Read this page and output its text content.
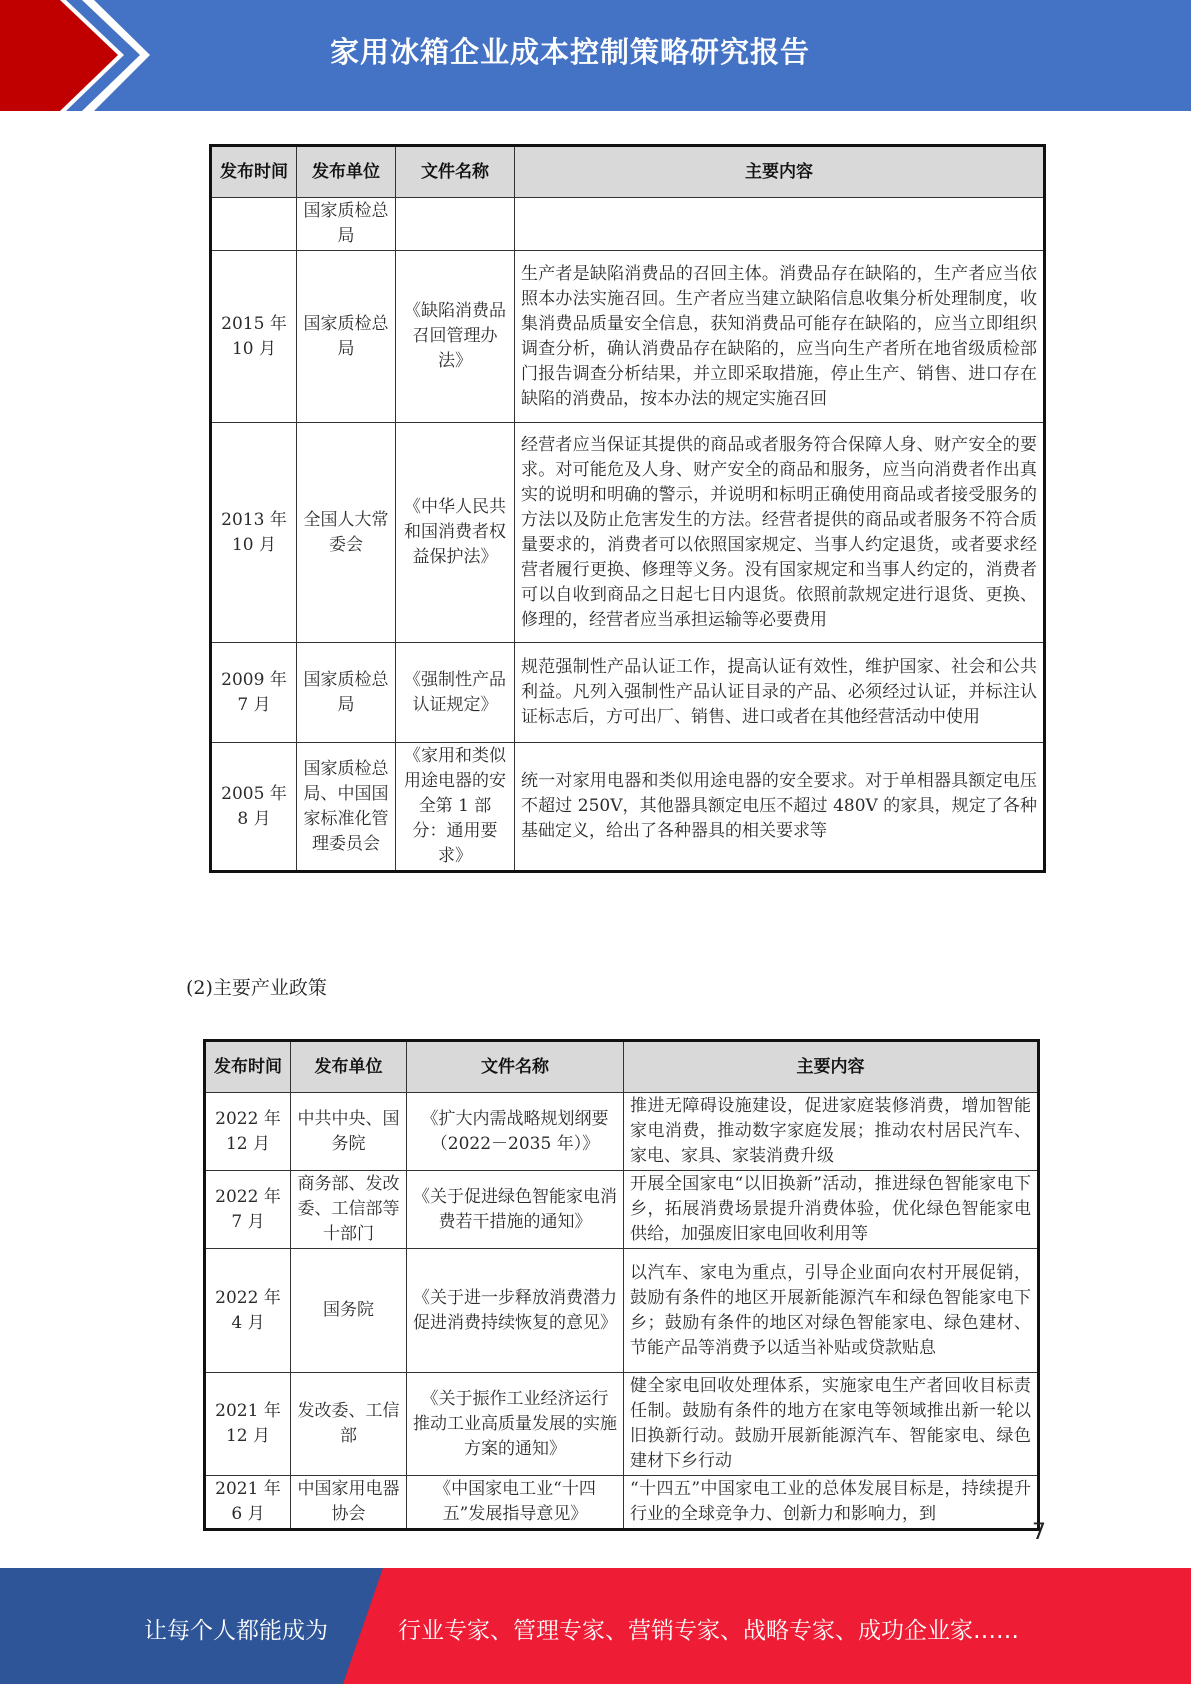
家用冰箱企业成本控制策略研究报告
发布时间	发布单位	文件名称	主要内容
	国家质检总局		
2015 年 10 月	国家质检总局	《缺陷消费品召回管理办法》	生产者是缺陷消费品的召回主体。消费品存在缺陷的，生产者应当依照本办法实施召回。生产者应当建立缺陷信息收集分析处理制度，收集消费品质量安全信息，获知消费品可能存在缺陷的，应当立即组织调查分析，确认消费品存在缺陷的，应当向生产者所在地省级质检部门报告调查分析结果，并立即采取措施，停止生产、销售、进口存在缺陷的消费品，按本办法的规定实施召回
2013 年 10 月	全国人大常委会	《中华人民共和国消费者权益保护法》	经营者应当保证其提供的商品或者服务符合保障人身、财产安全的要求。对可能危及人身、财产安全的商品和服务，应当向消费者作出真实的说明和明确的警示，并说明和标明正确使用商品或者接受服务的方法以及防止危害发生的方法。经营者提供的商品或者服务不符合质量要求的，消费者可以依照国家规定、当事人约定退货，或者要求经营者履行更换、修理等义务。没有国家规定和当事人约定的，消费者可以自收到商品之日起七日内退货。依照前款规定进行退货、更换、修理的，经营者应当承担运输等必要费用
2009 年 7 月	国家质检总局	《强制性产品认证规定》	规范强制性产品认证工作，提高认证有效性，维护国家、社会和公共利益。凡列入强制性产品认证目录的产品、必须经过认证，并标注认证标志后，方可出厂、销售、进口或者在其他经营活动中使用
2005 年 8 月	国家质检总局、中国国家标准化管理委员会	《家用和类似用途电器的安全第 1 部分：通用要求》	统一对家用电器和类似用途电器的安全要求。对于单相器具额定电压不超过 250V，其他器具额定电压不超过 480V 的家具，规定了各种基础定义，给出了各种器具的相关要求等
(2)主要产业政策
发布时间	发布单位	文件名称	主要内容
2022 年 12 月	中共中央、国务院	《扩大内需战略规划纲要（2022－2035 年）》	推进无障碍设施建设，促进家庭装修消费，增加智能家电消费，推动数字家庭发展；推动农村居民汽车、家电、家具、家装消费升级
2022 年 7 月	商务部、发改委、工信部等十部门	《关于促进绿色智能家电消费若干措施的通知》	开展全国家电“以旧换新”活动，推进绿色智能家电下乡，拓展消费场景提升消费体验，优化绿色智能家电供给，加强废旧家电回收利用等
2022 年 4 月	国务院	《关于进一步释放消费潜力促进消费持续恢复的意见》	以汽车、家电为重点，引导企业面向农村开展促销，鼓励有条件的地区开展新能源汽车和绿色智能家电下乡；鼓励有条件的地区对绿色智能家电、绿色建材、节能产品等消费予以适当补贴或贷款贴息
2021 年 12 月	发改委、工信部	《关于振作工业经济运行 推动工业高质量发展的实施方案的通知》	健全家电回收处理体系，实施家电生产者回收目标责任制。鼓励有条件的地方在家电等领域推出新一轮以旧换新行动。鼓励开展新能源汽车、智能家电、绿色建材下乡行动
2021 年 6 月	中国家用电器协会	《中国家电工业“十四五”发展指导意见》	“十四五”中国家电工业的总体发展目标是，持续提升行业的全球竞争力、创新力和影响力，到
7
让每个人都能成为	行业专家、管理专家、营销专家、战略专家、成功企业家……
